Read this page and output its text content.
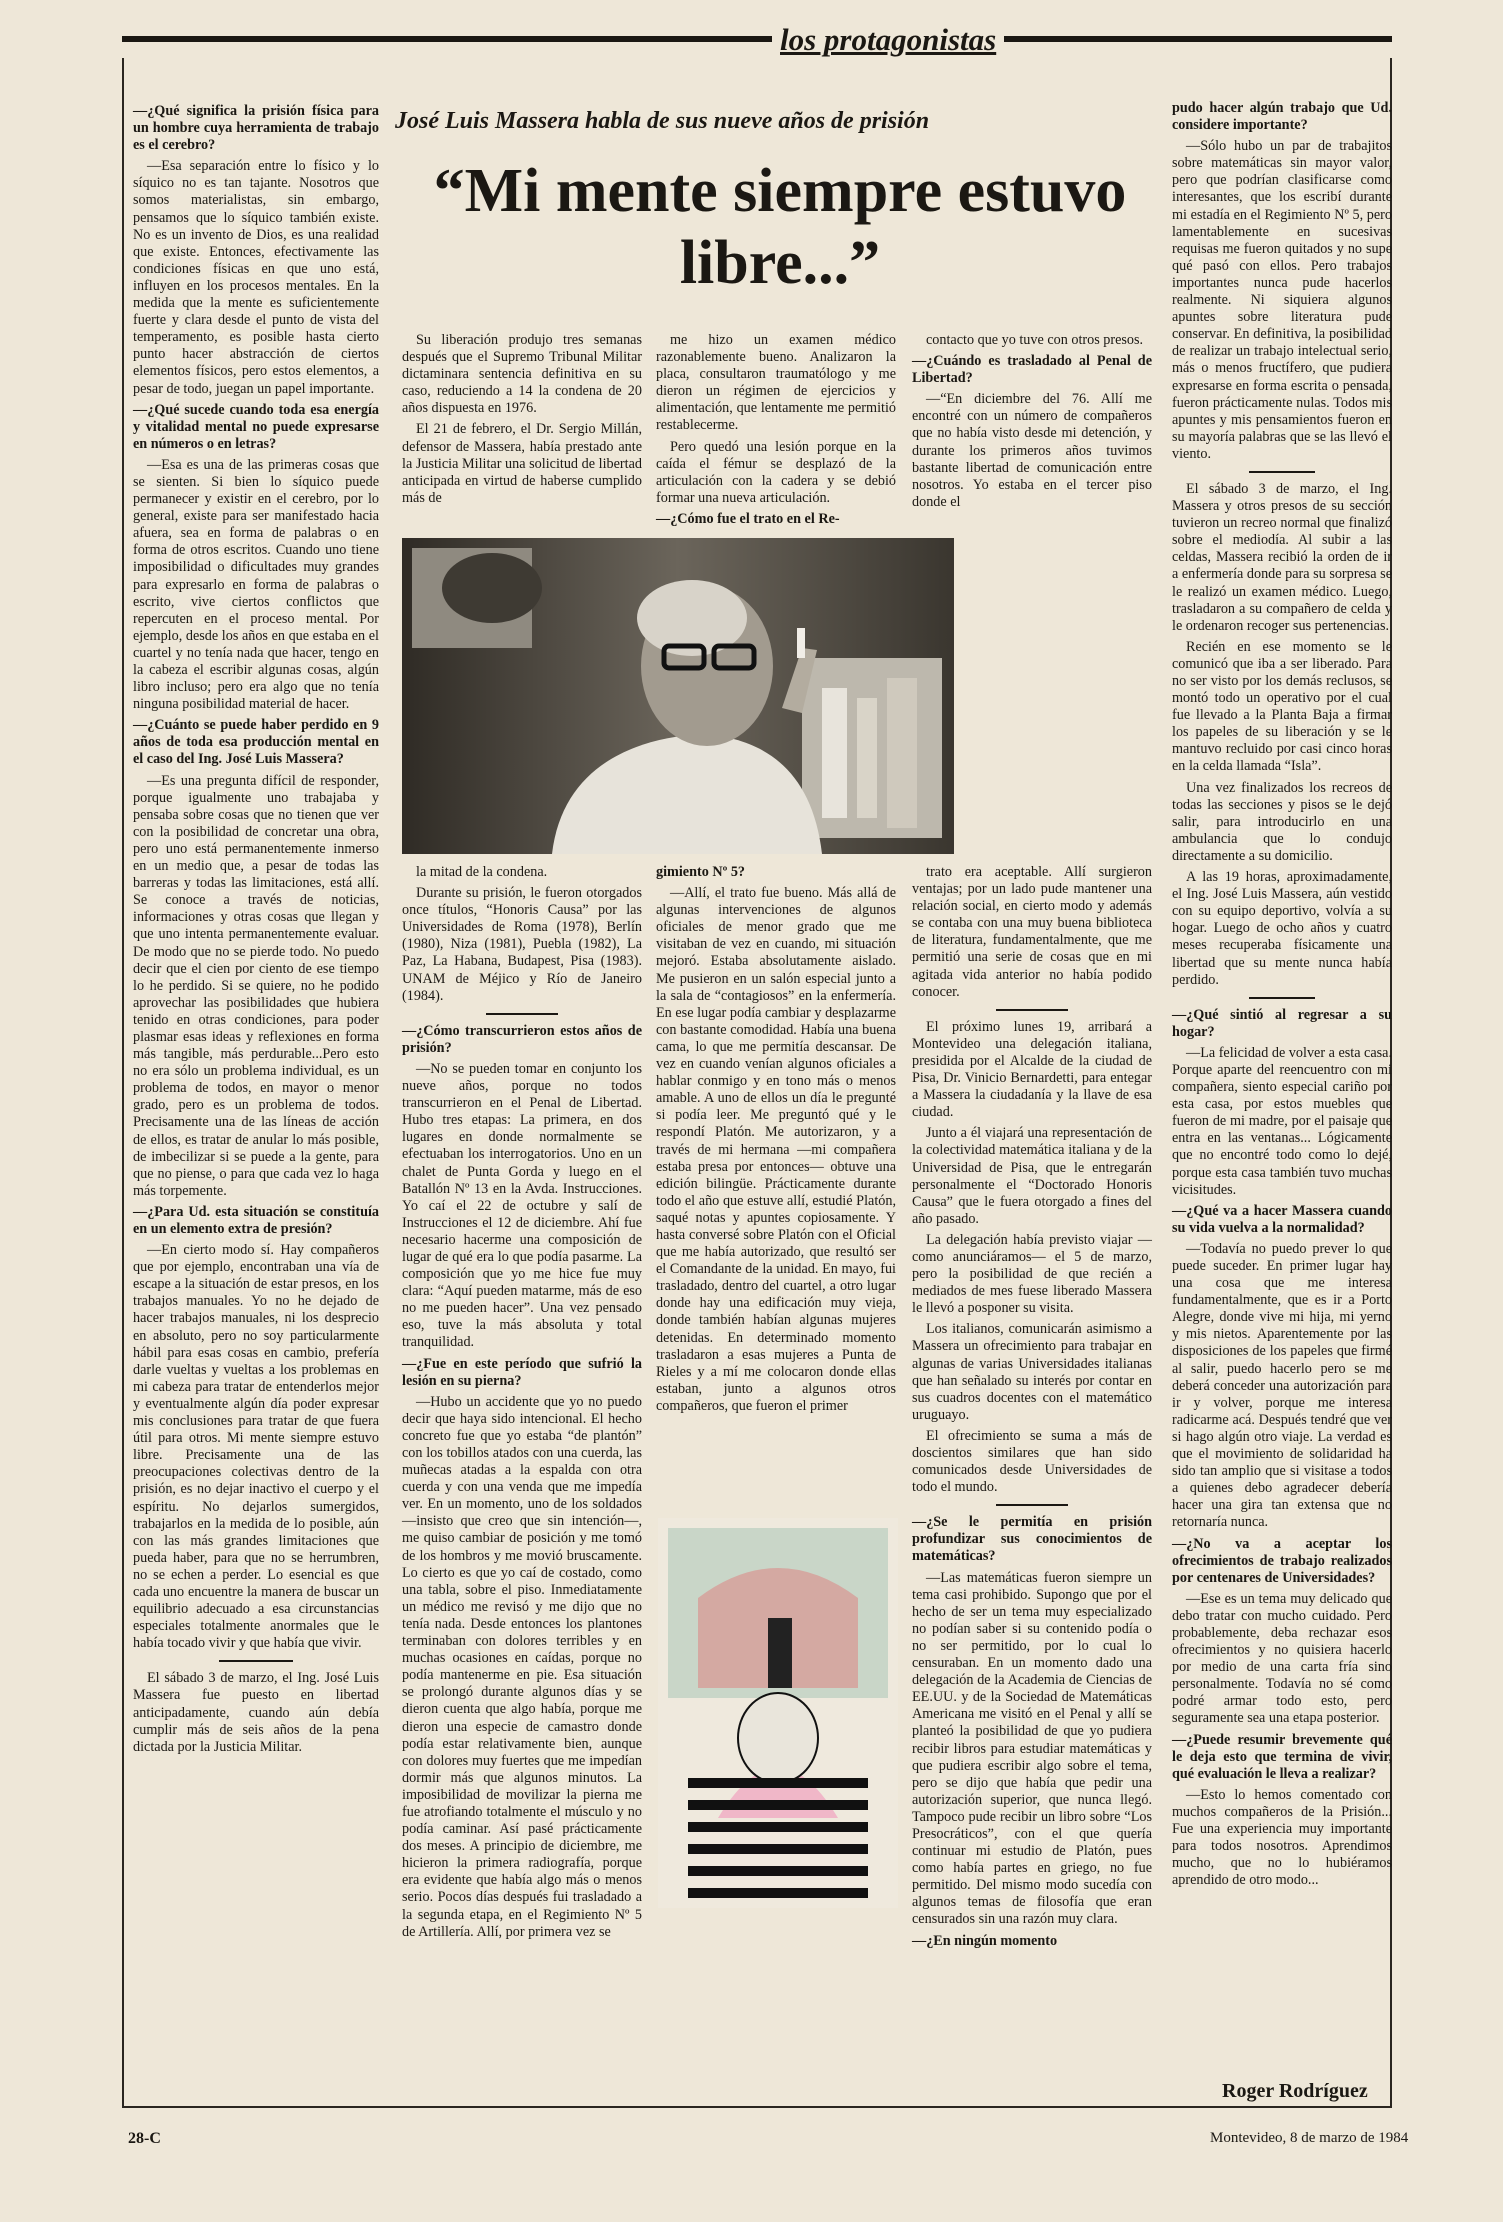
los protagonistas
José Luis Massera habla de sus nueve años de prisión
“Mi mente siempre estuvo libre...”

—¿Qué significa la prisión física para un hombre cuya herramienta de trabajo es el cerebro?

—Esa separación entre lo físico y lo síquico no es tan tajante. Nosotros que somos materialistas, sin embargo, pensamos que lo síquico también existe. No es un invento de Dios, es una realidad que existe. Entonces, efectivamente las condiciones físicas en que uno está, influyen en los procesos mentales. En la medida que la mente es suficientemente fuerte y clara desde el punto de vista del temperamento, es posible hasta cierto punto hacer abstracción de ciertos elementos físicos, pero estos elementos, a pesar de todo, juegan un papel importante.

—¿Qué sucede cuando toda esa energía y vitalidad mental no puede expresarse en números o en letras?

—Esa es una de las primeras cosas que se sienten. Si bien lo síquico puede permanecer y existir en el cerebro, por lo general, existe para ser manifestado hacia afuera, sea en forma de palabras o en forma de otros escritos. Cuando uno tiene imposibilidad o dificultades muy grandes para expresarlo en forma de palabras o escrito, vive ciertos conflictos que repercuten en el proceso mental. Por ejemplo, desde los años en que estaba en el cuartel y no tenía nada que hacer, tengo en la cabeza el escribir algunas cosas, algún libro incluso; pero era algo que no tenía ninguna posibilidad material de hacer.

—¿Cuánto se puede haber perdido en 9 años de toda esa producción mental en el caso del Ing. José Luis Massera?

—Es una pregunta difícil de responder, porque igualmente uno trabajaba y pensaba sobre cosas que no tienen que ver con la posibilidad de concretar una obra, pero uno está permanentemente inmerso en un medio que, a pesar de todas las barreras y todas las limitaciones, está allí. Se conoce a través de noticias, informaciones y otras cosas que llegan y que uno intenta permanentemente evaluar. De modo que no se pierde todo. No puedo decir que el cien por ciento de ese tiempo lo he perdido. Si se quiere, no he podido aprovechar las posibilidades que hubiera tenido en otras condiciones, para poder plasmar esas ideas y reflexiones en forma más tangible, más perdurable...Pero esto no era sólo un problema individual, es un problema de todos, en mayor o menor grado, pero es un problema de todos. Precisamente una de las líneas de acción de ellos, es tratar de anular lo más posible, de imbecilizar si se puede a la gente, para que no piense, o para que cada vez lo haga más torpemente.

—¿Para Ud. esta situación se constituía en un elemento extra de presión?

—En cierto modo sí. Hay compañeros que por ejemplo, encontraban una vía de escape a la situación de estar presos, en los trabajos manuales. Yo no he dejado de hacer trabajos manuales, ni los desprecio en absoluto, pero no soy particularmente hábil para esas cosas en cambio, prefería darle vueltas y vueltas a los problemas en mi cabeza para tratar de entenderlos mejor y eventualmente algún día poder expresar mis conclusiones para tratar de que fuera útil para otros. Mi mente siempre estuvo libre. Precisamente una de las preocupaciones colectivas dentro de la prisión, es no dejar inactivo el cuerpo y el espíritu. No dejarlos sumergidos, trabajarlos en la medida de lo posible, aún con las más grandes limitaciones que pueda haber, para que no se herrumbren, no se echen a perder. Lo esencial es que cada uno encuentre la manera de buscar un equilibrio adecuado a esa circunstancias especiales totalmente anormales que le había tocado vivir y que había que vivir.

El sábado 3 de marzo, el Ing. José Luis Massera fue puesto en libertad anticipadamente, cuando aún debía cumplir más de seis años de la pena dictada por la Justicia Militar.

Su liberación produjo tres semanas después que el Supremo Tribunal Militar dictaminara sentencia definitiva en su caso, reduciendo a 14 la condena de 20 años dispuesta en 1976.

El 21 de febrero, el Dr. Sergio Millán, defensor de Massera, había prestado ante la Justicia Militar una solicitud de libertad anticipada en virtud de haberse cumplido más de

me hizo un examen médico razonablemente bueno. Analizaron la placa, consultaron traumatólogo y me dieron un régimen de ejercicios y alimentación, que lentamente me permitió restablecerme.

Pero quedó una lesión porque en la caída el fémur se desplazó de la articulación con la cadera y se debió formar una nueva articulación.

—¿Cómo fue el trato en el Re-

contacto que yo tuve con otros presos.

—¿Cuándo es trasladado al Penal de Libertad?

—“En diciembre del 76. Allí me encontré con un número de compañeros que no había visto desde mi detención, y durante los primeros años tuvimos bastante libertad de comunicación entre nosotros. Yo estaba en el tercer piso donde el

la mitad de la condena.

Durante su prisión, le fueron otorgados once títulos, “Honoris Causa” por las Universidades de Roma (1978), Berlín (1980), Niza (1981), Puebla (1982), La Paz, La Habana, Budapest, Pisa (1983). UNAM de Méjico y Río de Janeiro (1984).

—¿Cómo transcurrieron estos años de prisión?

—No se pueden tomar en conjunto los nueve años, porque no todos transcurrieron en el Penal de Libertad. Hubo tres etapas: La primera, en dos lugares en donde normalmente se efectuaban los interrogatorios. Uno en un chalet de Punta Gorda y luego en el Batallón Nº 13 en la Avda. Instrucciones. Yo caí el 22 de octubre y salí de Instrucciones el 12 de diciembre. Ahí fue necesario hacerme una composición de lugar de qué era lo que podía pasarme. La composición que yo me hice fue muy clara: “Aquí pueden matarme, más de eso no me pueden hacer”. Una vez pensado eso, tuve la más absoluta y total tranquilidad.

—¿Fue en este período que sufrió la lesión en su pierna?

—Hubo un accidente que yo no puedo decir que haya sido intencional. El hecho concreto fue que yo estaba “de plantón” con los tobillos atados con una cuerda, las muñecas atadas a la espalda con otra cuerda y con una venda que me impedía ver. En un momento, uno de los soldados —insisto que creo que sin intención—, me quiso cambiar de posición y me tomó de los hombros y me movió bruscamente. Lo cierto es que yo caí de costado, como una tabla, sobre el piso. Inmediatamente un médico me revisó y me dijo que no tenía nada. Desde entonces los plantones terminaban con dolores terribles y en muchas ocasiones en caídas, porque no podía mantenerme en pie. Esa situación se prolongó durante algunos días y se dieron cuenta que algo había, porque me dieron una especie de camastro donde podía estar relativamente bien, aunque con dolores muy fuertes que me impedían dormir más que algunos minutos. La imposibilidad de movilizar la pierna me fue atrofiando totalmente el músculo y no podía caminar. Así pasé prácticamente dos meses. A principio de diciembre, me hicieron la primera radiografía, porque era evidente que había algo más o menos serio. Pocos días después fui trasladado a la segunda etapa, en el Regimiento Nº 5 de Artillería. Allí, por primera vez se

gimiento Nº 5?

—Allí, el trato fue bueno. Más allá de algunas intervenciones de algunos oficiales de menor grado que me visitaban de vez en cuando, mi situación mejoró. Estaba absolutamente aislado. Me pusieron en un salón especial junto a la sala de “contagiosos” en la enfermería. En ese lugar podía cambiar y desplazarme con bastante comodidad. Había una buena cama, lo que me permitía descansar. De vez en cuando venían algunos oficiales a hablar conmigo y en tono más o menos amable. A uno de ellos un día le pregunté si podía leer. Me preguntó qué y le respondí Platón. Me autorizaron, y a través de mi hermana —mi compañera estaba presa por entonces— obtuve una edición bilingüe. Prácticamente durante todo el año que estuve allí, estudié Platón, saqué notas y apuntes copiosamente. Y hasta conversé sobre Platón con el Oficial que me había autorizado, que resultó ser el Comandante de la unidad. En mayo, fui trasladado, dentro del cuartel, a otro lugar donde hay una edificación muy vieja, donde también habían algunas mujeres detenidas. En determinado momento trasladaron a esas mujeres a Punta de Rieles y a mí me colocaron donde ellas estaban, junto a algunos otros compañeros, que fueron el primer

trato era aceptable. Allí surgieron ventajas; por un lado pude mantener una relación social, en cierto modo y además se contaba con una muy buena biblioteca de literatura, fundamentalmente, que me permitió una serie de cosas que en mi agitada vida anterior no había podido conocer.

El próximo lunes 19, arribará a Montevideo una delegación italiana, presidida por el Alcalde de la ciudad de Pisa, Dr. Vinicio Bernardetti, para entegar a Massera la ciudadanía y la llave de esa ciudad.

Junto a él viajará una representación de la colectividad matemática italiana y de la Universidad de Pisa, que le entregarán personalmente el “Doctorado Honoris Causa” que le fuera otorgado a fines del año pasado.

La delegación había previsto viajar —como anunciáramos— el 5 de marzo, pero la posibilidad de que recién a mediados de mes fuese liberado Massera le llevó a posponer su visita.

Los italianos, comunicarán asimismo a Massera un ofrecimiento para trabajar en algunas de varias Universidades italianas que han señalado su interés por contar en sus cuadros docentes con el matemático uruguayo.

El ofrecimiento se suma a más de doscientos similares que han sido comunicados desde Universidades de todo el mundo.

—¿Se le permitía en prisión profundizar sus conocimientos de matemáticas?

—Las matemáticas fueron siempre un tema casi prohibido. Supongo que por el hecho de ser un tema muy especializado no podían saber si su contenido podía o no ser permitido, por lo cual lo censuraban. En un momento dado una delegación de la Academia de Ciencias de EE.UU. y de la Sociedad de Matemáticas Americana me visitó en el Penal y allí se planteó la posibilidad de que yo pudiera recibir libros para estudiar matemáticas y que pudiera escribir algo sobre el tema, pero se dijo que había que pedir una autorización superior, que nunca llegó. Tampoco pude recibir un libro sobre “Los Presocráticos”, con el que quería continuar mi estudio de Platón, pues como había partes en griego, no fue permitido. Del mismo modo sucedía con algunos temas de filosofía que eran censurados sin una razón muy clara.

—¿En ningún momento

pudo hacer algún trabajo que Ud. considere importante?

—Sólo hubo un par de trabajitos sobre matemáticas sin mayor valor, pero que podrían clasificarse como interesantes, que los escribí durante mi estadía en el Regimiento Nº 5, pero lamentablemente en sucesivas requisas me fueron quitados y no supe qué pasó con ellos. Pero trabajos importantes nunca pude hacerlos realmente. Ni siquiera algunos apuntes sobre literatura pude conservar. En definitiva, la posibilidad de realizar un trabajo intelectual serio, más o menos fructífero, que pudiera expresarse en forma escrita o pensada, fueron prácticamente nulas. Todos mis apuntes y mis pensamientos fueron en su mayoría palabras que se las llevó el viento.

El sábado 3 de marzo, el Ing. Massera y otros presos de su sección tuvieron un recreo normal que finalizó sobre el mediodía. Al subir a las celdas, Massera recibió la orden de ir a enfermería donde para su sorpresa se le realizó un examen médico. Luego, trasladaron a su compañero de celda y le ordenaron recoger sus pertenencias.

Recién en ese momento se le comunicó que iba a ser liberado. Para no ser visto por los demás reclusos, se montó todo un operativo por el cual fue llevado a la Planta Baja a firmar los papeles de su liberación y se le mantuvo recluido por casi cinco horas en la celda llamada “Isla”.

Una vez finalizados los recreos de todas las secciones y pisos se le dejó salir, para introducirlo en una ambulancia que lo condujo directamente a su domicilio.

A las 19 horas, aproximadamente, el Ing. José Luis Massera, aún vestido con su equipo deportivo, volvía a su hogar. Luego de ocho años y cuatro meses recuperaba físicamente una libertad que su mente nunca había perdido.

—¿Qué sintió al regresar a su hogar?

—La felicidad de volver a esta casa. Porque aparte del reencuentro con mi compañera, siento especial cariño por esta casa, por estos muebles que fueron de mi madre, por el paisaje que entra en las ventanas... Lógicamente que no encontré todo como lo dejé, porque esta casa también tuvo muchas vicisitudes.

—¿Qué va a hacer Massera cuando su vida vuelva a la normalidad?

—Todavía no puedo prever lo que puede suceder. En primer lugar hay una cosa que me interesa fundamentalmente, que es ir a Porto Alegre, donde vive mi hija, mi yerno y mis nietos. Aparentemente por las disposiciones de los papeles que firmé al salir, puedo hacerlo pero se me deberá conceder una autorización para ir y volver, porque me interesa radicarme acá. Después tendré que ver si hago algún otro viaje. La verdad es que el movimiento de solidaridad ha sido tan amplio que si visitase a todos a quienes debo agradecer debería hacer una gira tan extensa que no retornaría nunca.

—¿No va a aceptar los ofrecimientos de trabajo realizados por centenares de Universidades?

—Ese es un tema muy delicado que debo tratar con mucho cuidado. Pero probablemente, deba rechazar esos ofrecimientos y no quisiera hacerlo por medio de una carta fría sino personalmente. Todavía no sé como podré armar todo esto, pero seguramente sea una etapa posterior.

—¿Puede resumir brevemente qué le deja esto que termina de vivir, qué evaluación le lleva a realizar?

—Esto lo hemos comentado con muchos compañeros de la Prisión... Fue una experiencia muy importante para todos nosotros. Aprendimos mucho, que no lo hubiéramos aprendido de otro modo...

Roger Rodríguez
28-C	Montevideo, 8 de marzo de 1984
